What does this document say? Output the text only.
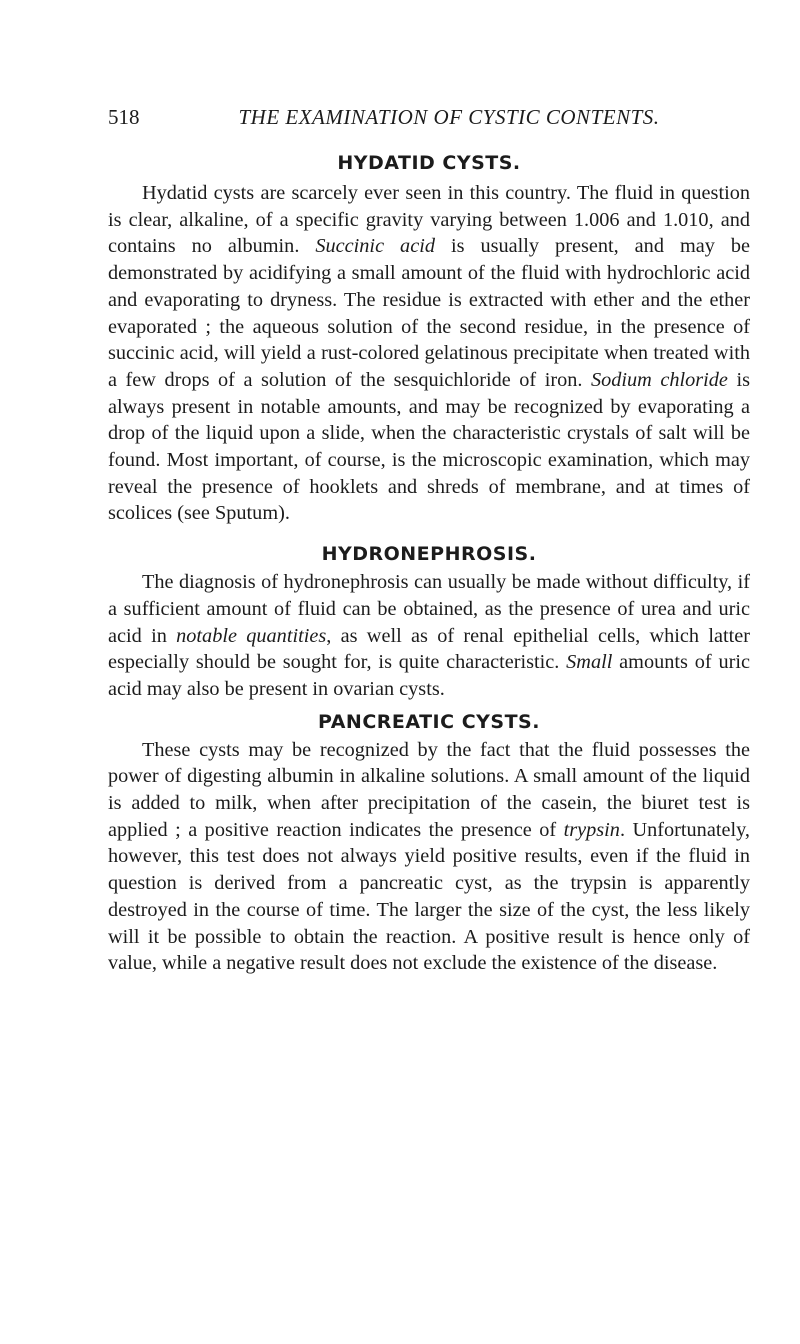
518	THE EXAMINATION OF CYSTIC CONTENTS.
HYDATID CYSTS.

Hydatid cysts are scarcely ever seen in this country. The fluid in question is clear, alkaline, of a specific gravity varying between 1.006 and 1.010, and contains no albumin. Succinic acid is usually present, and may be demonstrated by acidifying a small amount of the fluid with hydrochloric acid and evaporating to dryness. The residue is extracted with ether and the ether evaporated ; the aqueous solution of the second residue, in the presence of succinic acid, will yield a rust-colored gelatinous precipitate when treated with a few drops of a solution of the sesquichloride of iron. Sodium chloride is always present in notable amounts, and may be recognized by evaporating a drop of the liquid upon a slide, when the characteristic crystals of salt will be found. Most important, of course, is the microscopic examination, which may reveal the presence of hooklets and shreds of membrane, and at times of scolices (see Sputum).

HYDRONEPHROSIS.

The diagnosis of hydronephrosis can usually be made without difficulty, if a sufficient amount of fluid can be obtained, as the presence of urea and uric acid in notable quantities, as well as of renal epithelial cells, which latter especially should be sought for, is quite characteristic. Small amounts of uric acid may also be present in ovarian cysts.

PANCREATIC CYSTS.

These cysts may be recognized by the fact that the fluid possesses the power of digesting albumin in alkaline solutions. A small amount of the liquid is added to milk, when after precipitation of the casein, the biuret test is applied ; a positive reaction indicates the presence of trypsin. Unfortunately, however, this test does not always yield positive results, even if the fluid in question is derived from a pancreatic cyst, as the trypsin is apparently destroyed in the course of time. The larger the size of the cyst, the less likely will it be possible to obtain the reaction. A positive result is hence only of value, while a negative result does not exclude the existence of the disease.
